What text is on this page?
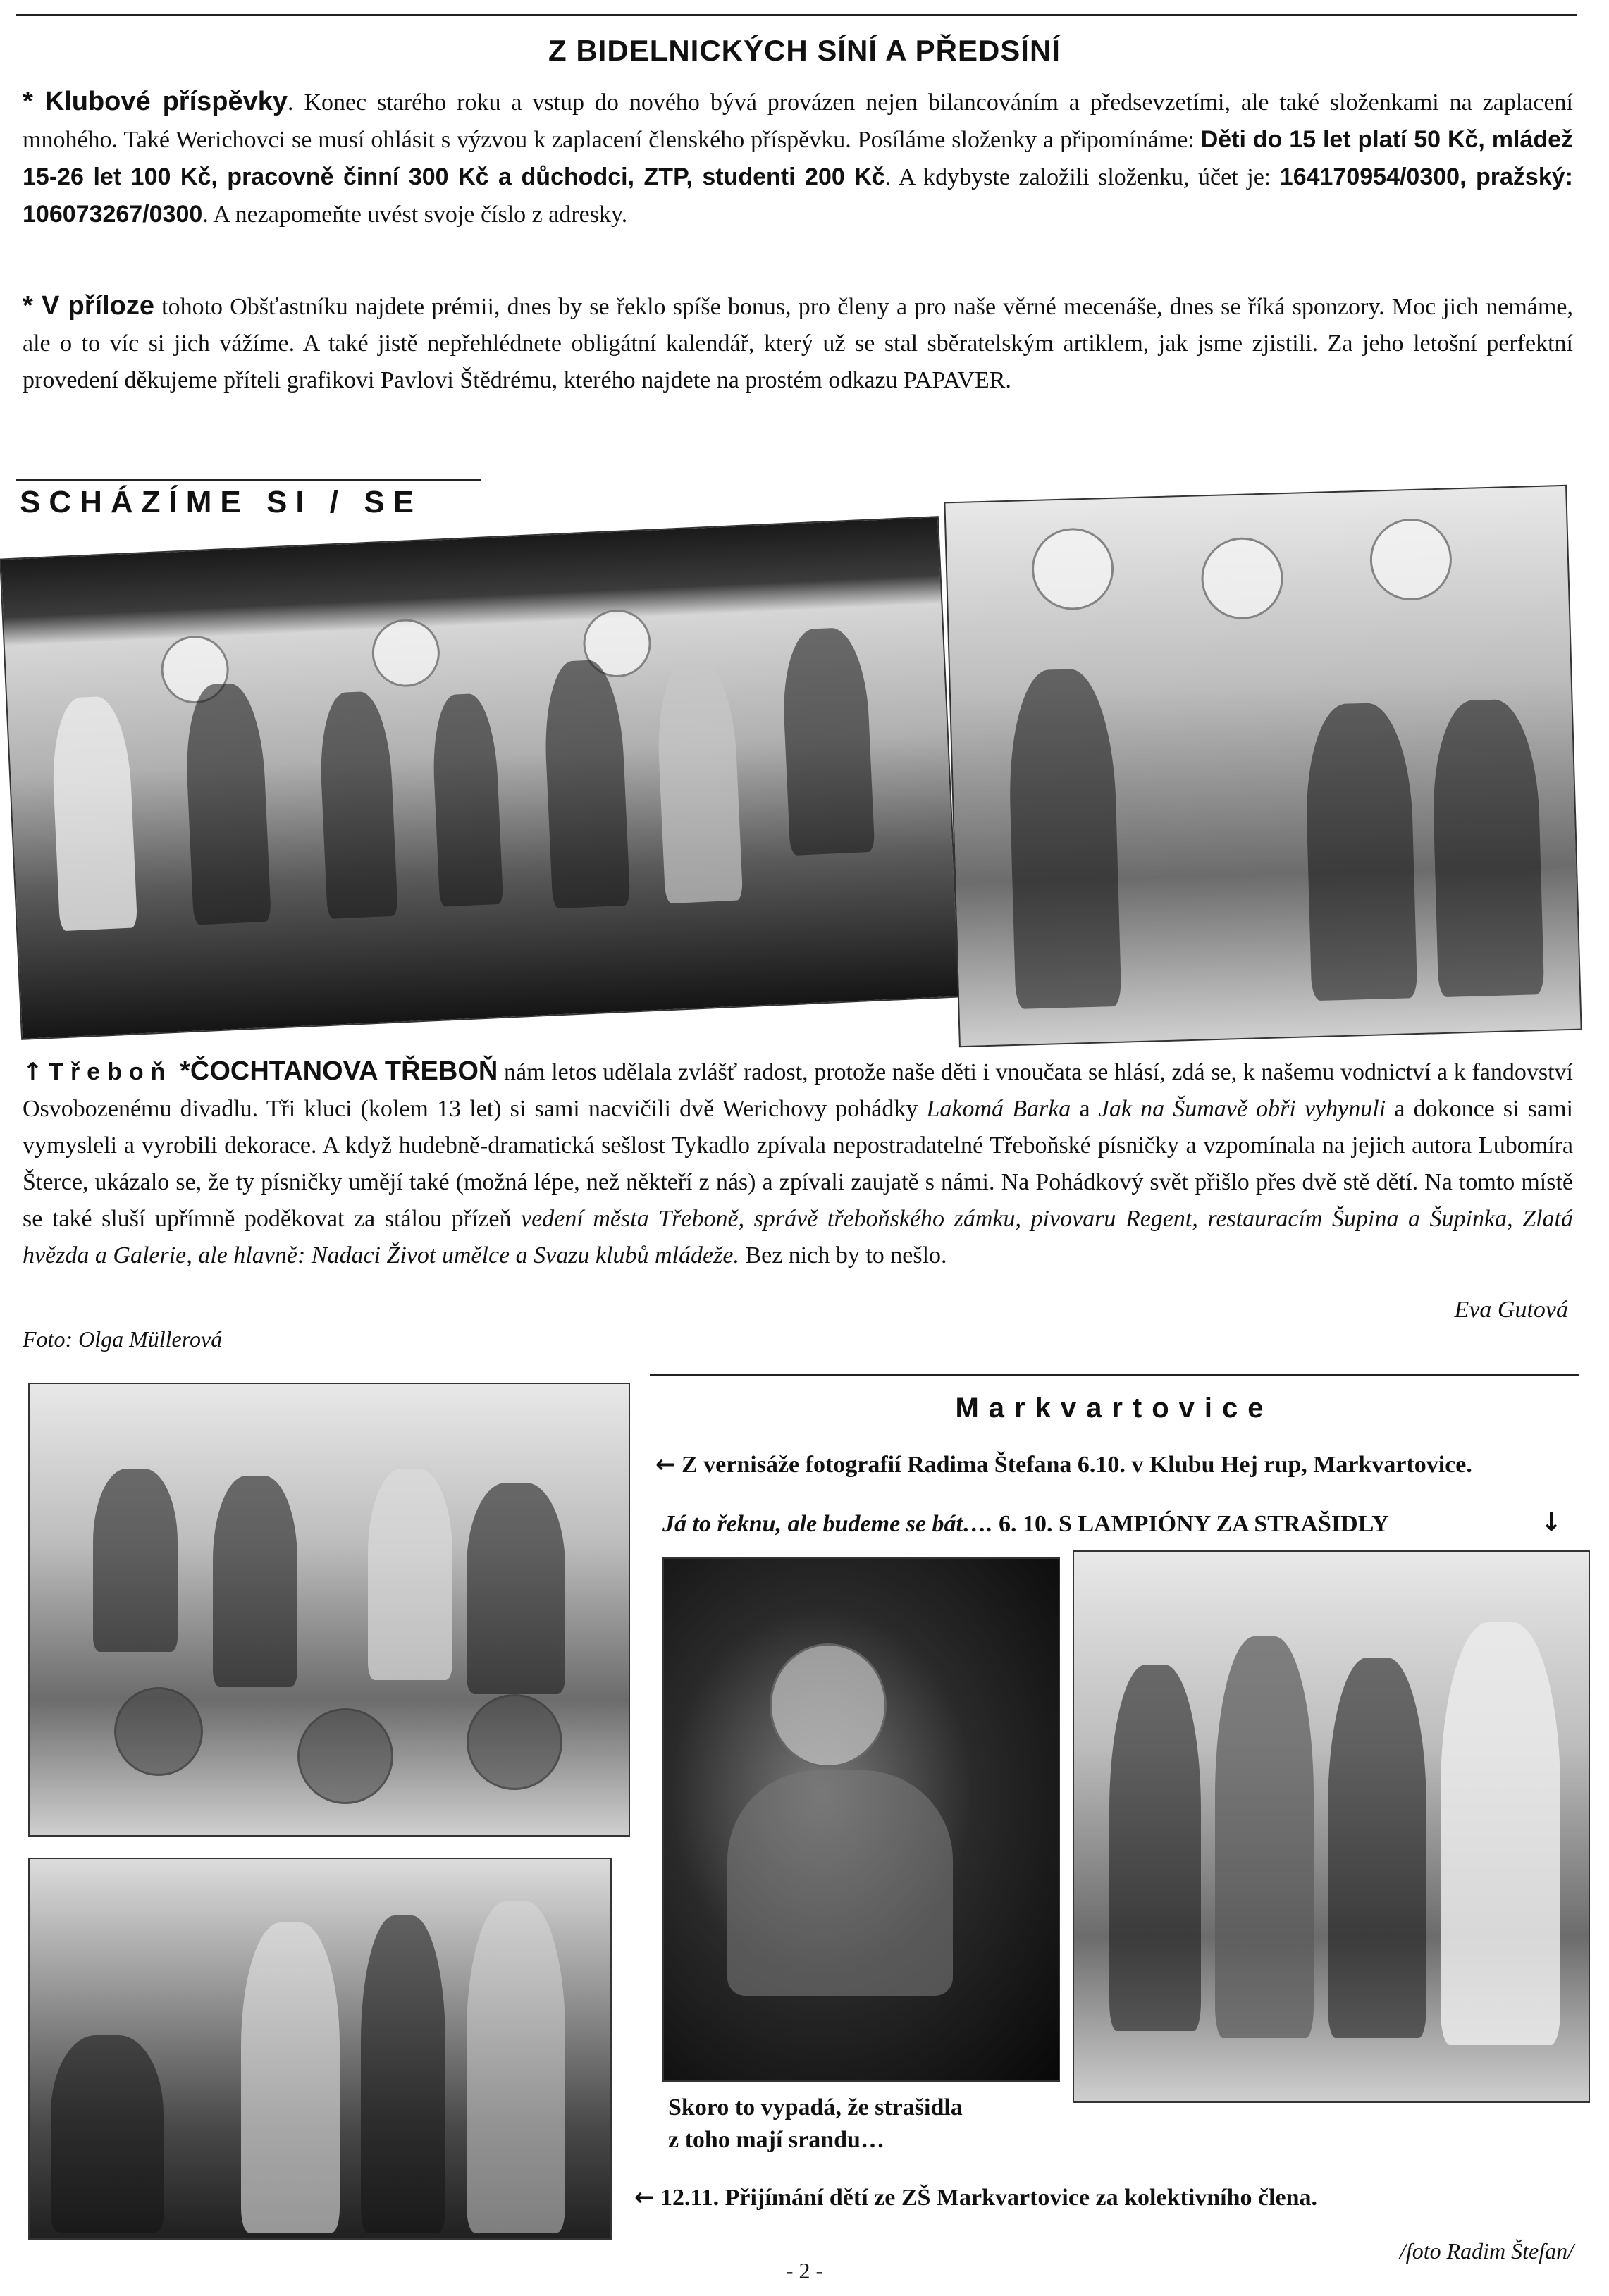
Z BIDELNICKÝCH SÍNÍ A PŘEDSÍNÍ
* Klubové příspěvky. Konec starého roku a vstup do nového bývá provázen nejen bilancováním a předsevzetími, ale také složenkami na zaplacení mnohého. Také Werichovci se musí ohlásit s výzvou k zaplacení členského příspěvku. Posíláme složenky a připomínáme: Děti do 15 let platí 50 Kč, mládež 15-26 let 100 Kč, pracovně činní 300 Kč a důchodci, ZTP, studenti 200 Kč. A kdybyste založili složenku, účet je: 164170954/0300, pražský: 106073267/0300. A nezapomeňte uvést svoje číslo z adresky.
* V příloze tohoto Obšťastníku najdete prémii, dnes by se řeklo spíše bonus, pro členy a pro naše věrné mecenáše, dnes se říká sponzory. Moc jich nemáme, ale o to víc si jich vážíme. A také jistě nepřehlédnete obligátní kalendář, který už se stal sběratelským artiklem, jak jsme zjistili. Za jeho letošní perfektní provedení děkujeme příteli grafikovi Pavlovi Štědrému, kterého najdete na prostém odkazu PAPAVER.
SCHÁZÍME SI / SE
↑ Třeboň *ČOCHTANOVA TŘEBOŇ nám letos udělala zvlášť radost, protože naše děti i vnoučata se hlásí, zdá se, k našemu vodnictví a k fandovství Osvobozenému divadlu. Tři kluci (kolem 13 let) si sami nacvičili dvě Werichovy pohádky Lakomá Barka a Jak na Šumavě obři vyhynuli a dokonce si sami vymysleli a vyrobili dekorace. A když hudebně-dramatická sešlost Tykadlo zpívala nepostradatelné Třeboňské písničky a vzpomínala na jejich autora Lubomíra Šterce, ukázalo se, že ty písničky umějí také (možná lépe, než někteří z nás) a zpívali zaujatě s námi. Na Pohádkový svět přišlo přes dvě stě dětí. Na tomto místě se také sluší upřímně poděkovat za stálou přízeň vedení města Třeboně, správě třeboňského zámku, pivovaru Regent, restauracím Šupina a Šupinka, Zlatá hvězda a Galerie, ale hlavně: Nadaci Život umělce a Svazu klubů mládeže. Bez nich by to nešlo.
Eva Gutová
Foto: Olga Müllerová
Markvartovice
← Z vernisáže fotografií Radima Štefana 6.10. v Klubu Hej rup, Markvartovice.
Já to řeknu, ale budeme se bát…. 6. 10. S LAMPIÓNY ZA STRAŠIDLY	↓
Skoro to vypadá, že strašidla z toho mají srandu…
← 12.11. Přijímání dětí ze ZŠ Markvartovice za kolektivního člena.
/foto Radim Štefan/
- 2 -
